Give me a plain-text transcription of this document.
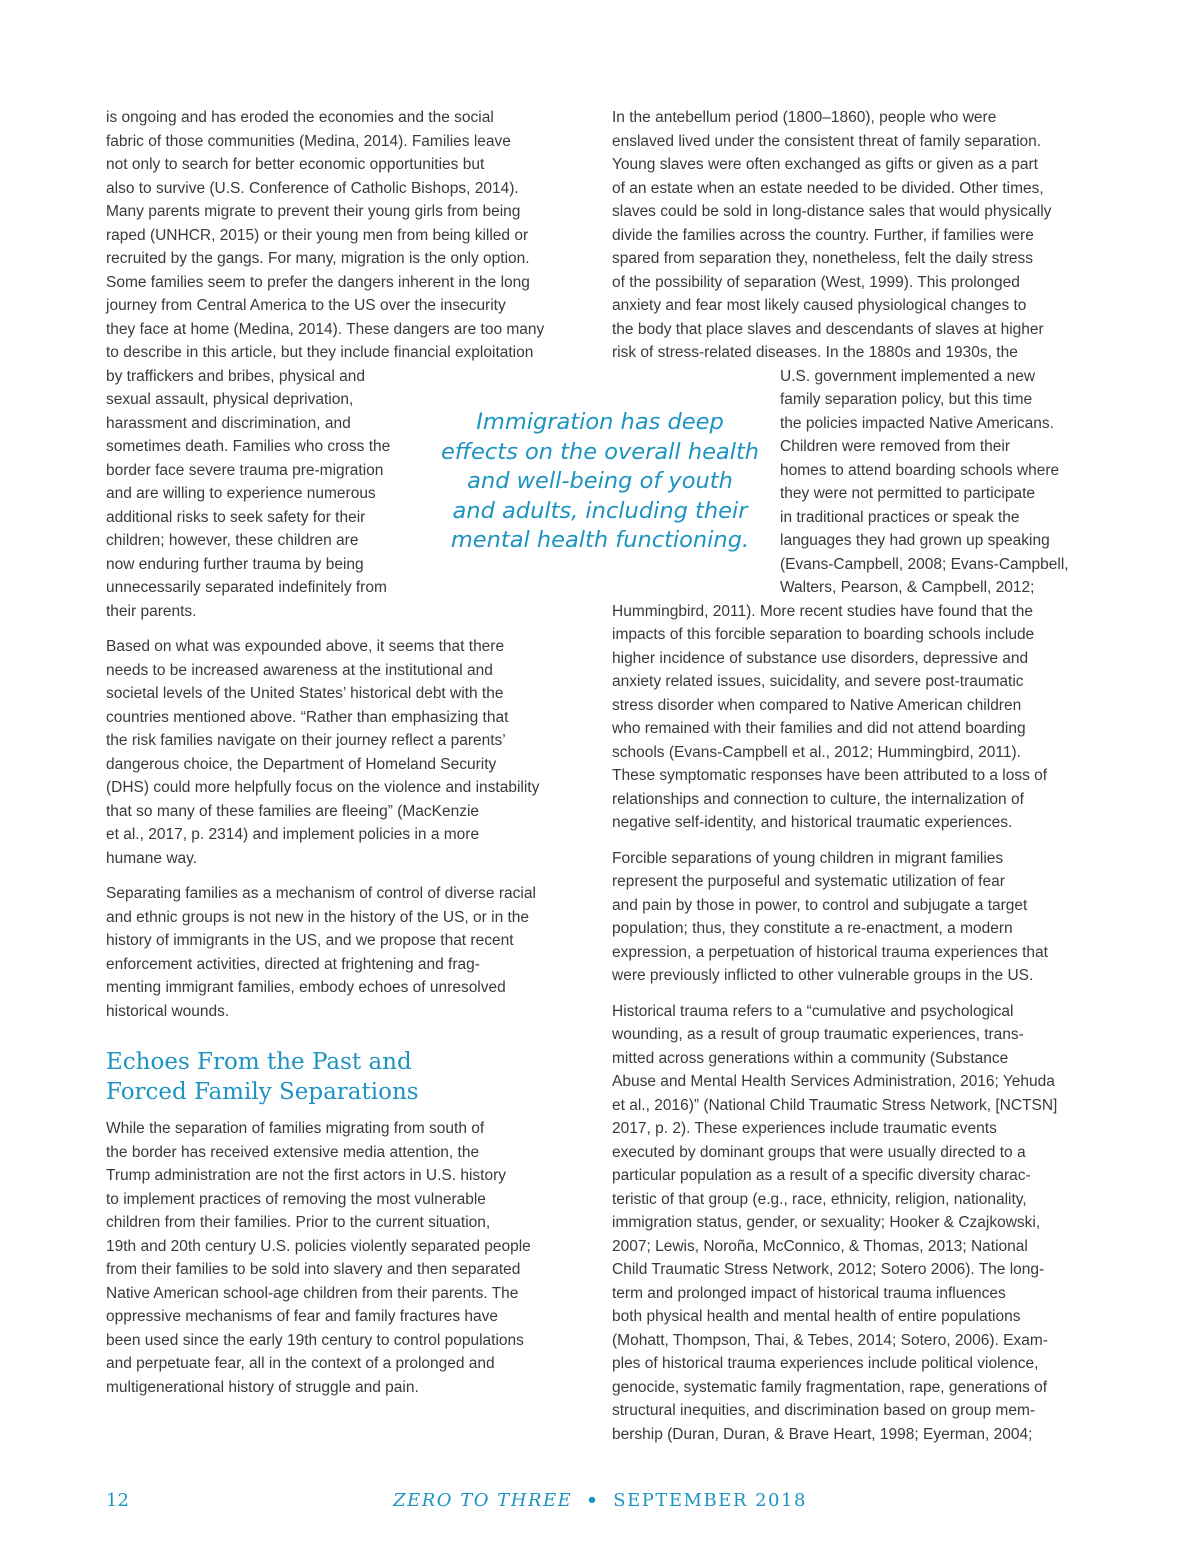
is ongoing and has eroded the economies and the social
fabric of those communities (Medina, 2014). Families leave
not only to search for better economic opportunities but
also to survive (U.S. Conference of Catholic Bishops, 2014).
Many parents migrate to prevent their young girls from being
raped (UNHCR, 2015) or their young men from being killed or
recruited by the gangs. For many, migration is the only option.
Some families seem to prefer the dangers inherent in the long
journey from Central America to the US over the insecurity
they face at home (Medina, 2014). These dangers are too many
to describe in this article, but they include financial exploitation
by traffickers and bribes, physical and
sexual assault, physical deprivation,
harassment and discrimination, and
sometimes death. Families who cross the
border face severe trauma pre-migration
and are willing to experience numerous
additional risks to seek safety for their
children; however, these children are
now enduring further trauma by being
unnecessarily separated indefinitely from
their parents.
Based on what was expounded above, it seems that there
needs to be increased awareness at the institutional and
societal levels of the United States’ historical debt with the
countries mentioned above. “Rather than emphasizing that
the risk families navigate on their journey reflect a parents’
dangerous choice, the Department of Homeland Security
(DHS) could more helpfully focus on the violence and instability
that so many of these families are fleeing” (MacKenzie
et al., 2017, p. 2314) and implement policies in a more
humane way.
Separating families as a mechanism of control of diverse racial
and ethnic groups is not new in the history of the US, or in the
history of immigrants in the US, and we propose that recent
enforcement activities, directed at frightening and frag-
menting immigrant families, embody echoes of unresolved
historical wounds.
Echoes From the Past and
Forced Family Separations
While the separation of families migrating from south of
the border has received extensive media attention, the
Trump administration are not the first actors in U.S. history
to implement practices of removing the most vulnerable
children from their families. Prior to the current situation,
19th and 20th century U.S. policies violently separated people
from their families to be sold into slavery and then separated
Native American school-age children from their parents. The
oppressive mechanisms of fear and family fractures have
been used since the early 19th century to control populations
and perpetuate fear, all in the context of a prolonged and
multigenerational history of struggle and pain.
Immigration has deep
effects on the overall health
and well-being of youth
and adults, including their
mental health functioning.
In the antebellum period (1800–1860), people who were
enslaved lived under the consistent threat of family separation.
Young slaves were often exchanged as gifts or given as a part
of an estate when an estate needed to be divided. Other times,
slaves could be sold in long-distance sales that would physically
divide the families across the country. Further, if families were
spared from separation they, nonetheless, felt the daily stress
of the possibility of separation (West, 1999). This prolonged
anxiety and fear most likely caused physiological changes to
the body that place slaves and descendants of slaves at higher
risk of stress-related diseases. In the 1880s and 1930s, the
U.S. government implemented a new
family separation policy, but this time
the policies impacted Native Americans.
Children were removed from their
homes to attend boarding schools where
they were not permitted to participate
in traditional practices or speak the
languages they had grown up speaking
(Evans-Campbell, 2008; Evans-Campbell,
Walters, Pearson, & Campbell, 2012;
Hummingbird, 2011). More recent studies have found that the
impacts of this forcible separation to boarding schools include
higher incidence of substance use disorders, depressive and
anxiety related issues, suicidality, and severe post-traumatic
stress disorder when compared to Native American children
who remained with their families and did not attend boarding
schools (Evans-Campbell et al., 2012; Hummingbird, 2011).
These symptomatic responses have been attributed to a loss of
relationships and connection to culture, the internalization of
negative self-identity, and historical traumatic experiences.
Forcible separations of young children in migrant families
represent the purposeful and systematic utilization of fear
and pain by those in power, to control and subjugate a target
population; thus, they constitute a re-enactment, a modern
expression, a perpetuation of historical trauma experiences that
were previously inflicted to other vulnerable groups in the US.
Historical trauma refers to a “cumulative and psychological
wounding, as a result of group traumatic experiences, trans-
mitted across generations within a community (Substance
Abuse and Mental Health Services Administration, 2016; Yehuda
et al., 2016)” (National Child Traumatic Stress Network, [NCTSN]
2017, p. 2). These experiences include traumatic events
executed by dominant groups that were usually directed to a
particular population as a result of a specific diversity charac-
teristic of that group (e.g., race, ethnicity, religion, nationality,
immigration status, gender, or sexuality; Hooker & Czajkowski,
2007; Lewis, Noroña, McConnico, & Thomas, 2013; National
Child Traumatic Stress Network, 2012; Sotero 2006). The long-
term and prolonged impact of historical trauma influences
both physical health and mental health of entire populations
(Mohatt, Thompson, Thai, & Tebes, 2014; Sotero, 2006). Exam-
ples of historical trauma experiences include political violence,
genocide, systematic family fragmentation, rape, generations of
structural inequities, and discrimination based on group mem-
bership (Duran, Duran, & Brave Heart, 1998; Eyerman, 2004;
12	ZERO TO THREE • SEPTEMBER 2018
